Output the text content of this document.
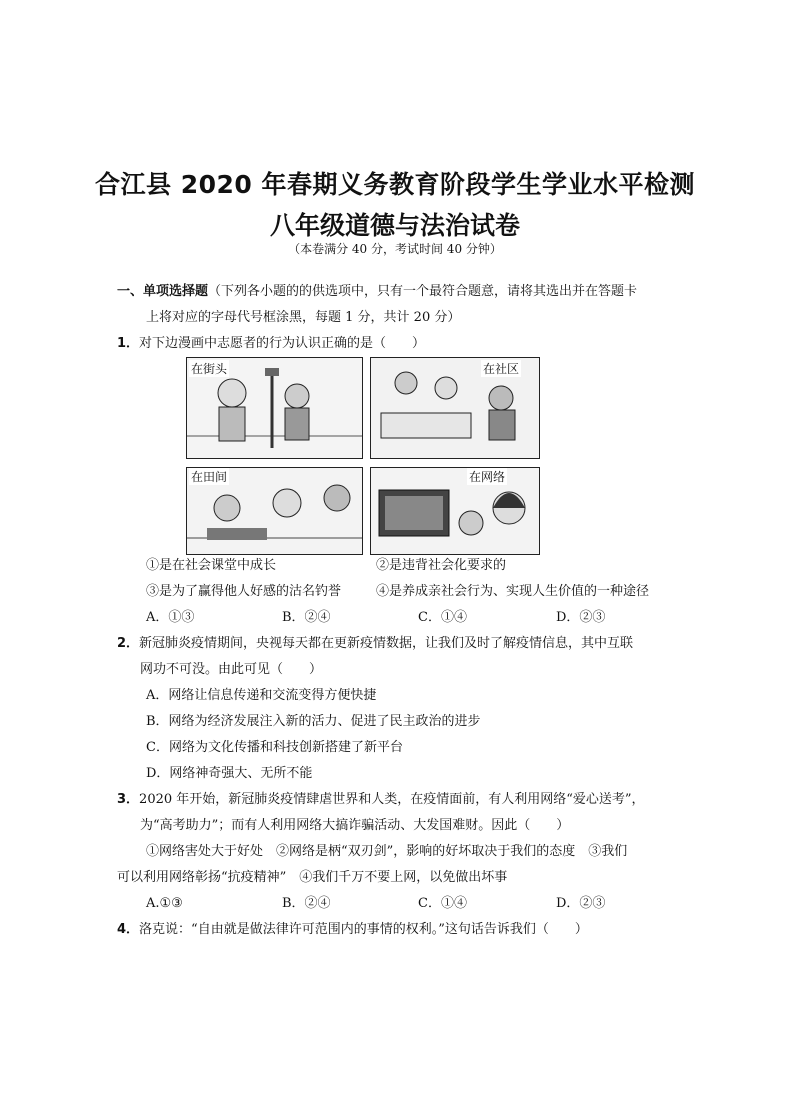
合江县 2020 年春期义务教育阶段学生学业水平检测
八年级道德与法治试卷
（本卷满分 40 分，考试时间 40 分钟）
一、单项选择题（下列各小题的的供选项中，只有一个最符合题意，请将其选出并在答题卡
上将对应的字母代号框涂黑，每题 1 分，共计 20 分）
1．对下边漫画中志愿者的行为认识正确的是（　　）
在街头	在社区
在田间	在网络
①是在社会课堂中成长	②是违背社会化要求的
③是为了赢得他人好感的沽名钓誉	④是养成亲社会行为、实现人生价值的一种途径
A．①③	B．②④	C．①④	D．②③
2．新冠肺炎疫情期间，央视每天都在更新疫情数据，让我们及时了解疫情信息，其中互联
网功不可没。由此可见（　　）
A．网络让信息传递和交流变得方便快捷
B．网络为经济发展注入新的活力、促进了民主政治的进步
C．网络为文化传播和科技创新搭建了新平台
D．网络神奇强大、无所不能
3．2020 年开始，新冠肺炎疫情肆虐世界和人类，在疫情面前，有人利用网络“爱心送考”，
为“高考助力”；而有人利用网络大搞诈骗活动、大发国难财。因此（　　）
①网络害处大于好处　②网络是柄“双刃剑”，影响的好坏取决于我们的态度　③我们
可以利用网络彰扬“抗疫精神”　④我们千万不要上网，以免做出坏事
A.①③	B．②④	C．①④	D．②③
4．洛克说：“自由就是做法律许可范围内的事情的权利。”这句话告诉我们（　　）
